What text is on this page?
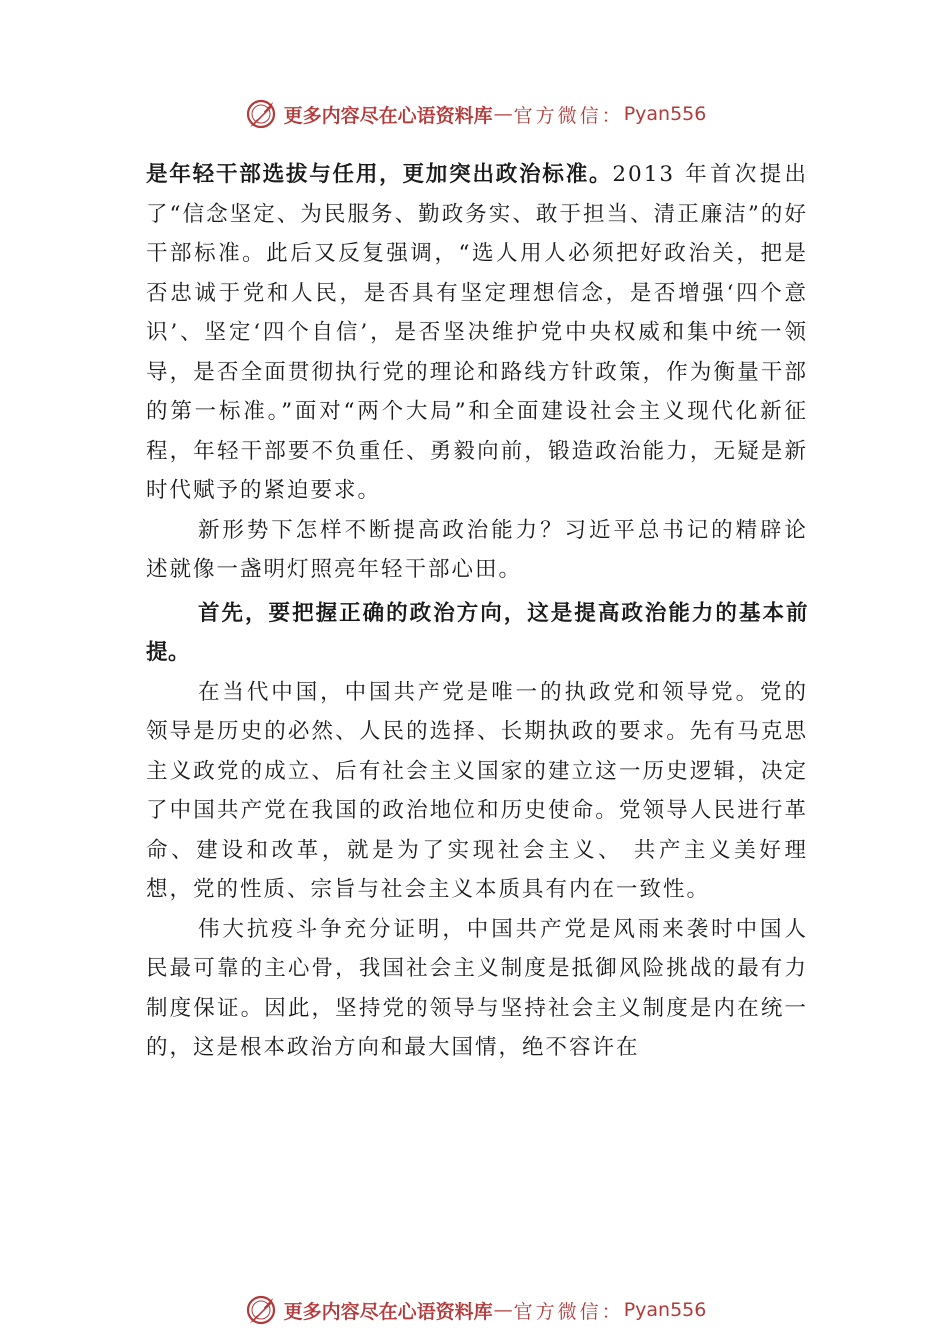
更多内容尽在心语资料库 — 官方微信： Pyan556

是年轻干部选拔与任用，更加突出政治标准。2013 年首次提出了“信念坚定、为民服务、勤政务实、敢于担当、清正廉洁”的好干部标准。此后又反复强调，“选人用人必须把好政治关，把是否忠诚于党和人民，是否具有坚定理想信念，是否增强‘四个意识’、坚定‘四个自信’，是否坚决维护党中央权威和集中统一领导，是否全面贯彻执行党的理论和路线方针政策，作为衡量干部的第一标准。”面对“两个大局”和全面建设社会主义现代化新征程，年轻干部要不负重任、勇毅向前，锻造政治能力，无疑是新时代赋予的紧迫要求。

新形势下怎样不断提高政治能力？习近平总书记的精辟论述就像一盏明灯照亮年轻干部心田。

首先，要把握正确的政治方向，这是提高政治能力的基本前提。

在当代中国，中国共产党是唯一的执政党和领导党。党的领导是历史的必然、人民的选择、长期执政的要求。先有马克思主义政党的成立、后有社会主义国家的建立这一历史逻辑，决定了中国共产党在我国的政治地位和历史使命。党领导人民进行革命、建设和改革，就是为了实现社会主义、 共产主义美好理想，党的性质、宗旨与社会主义本质具有内在一致性。

伟大抗疫斗争充分证明，中国共产党是风雨来袭时中国人民最可靠的主心骨，我国社会主义制度是抵御风险挑战的最有力制度保证。因此，坚持党的领导与坚持社会主义制度是内在统一的，这是根本政治方向和最大国情，绝不容许在

更多内容尽在心语资料库 — 官方微信： Pyan556
